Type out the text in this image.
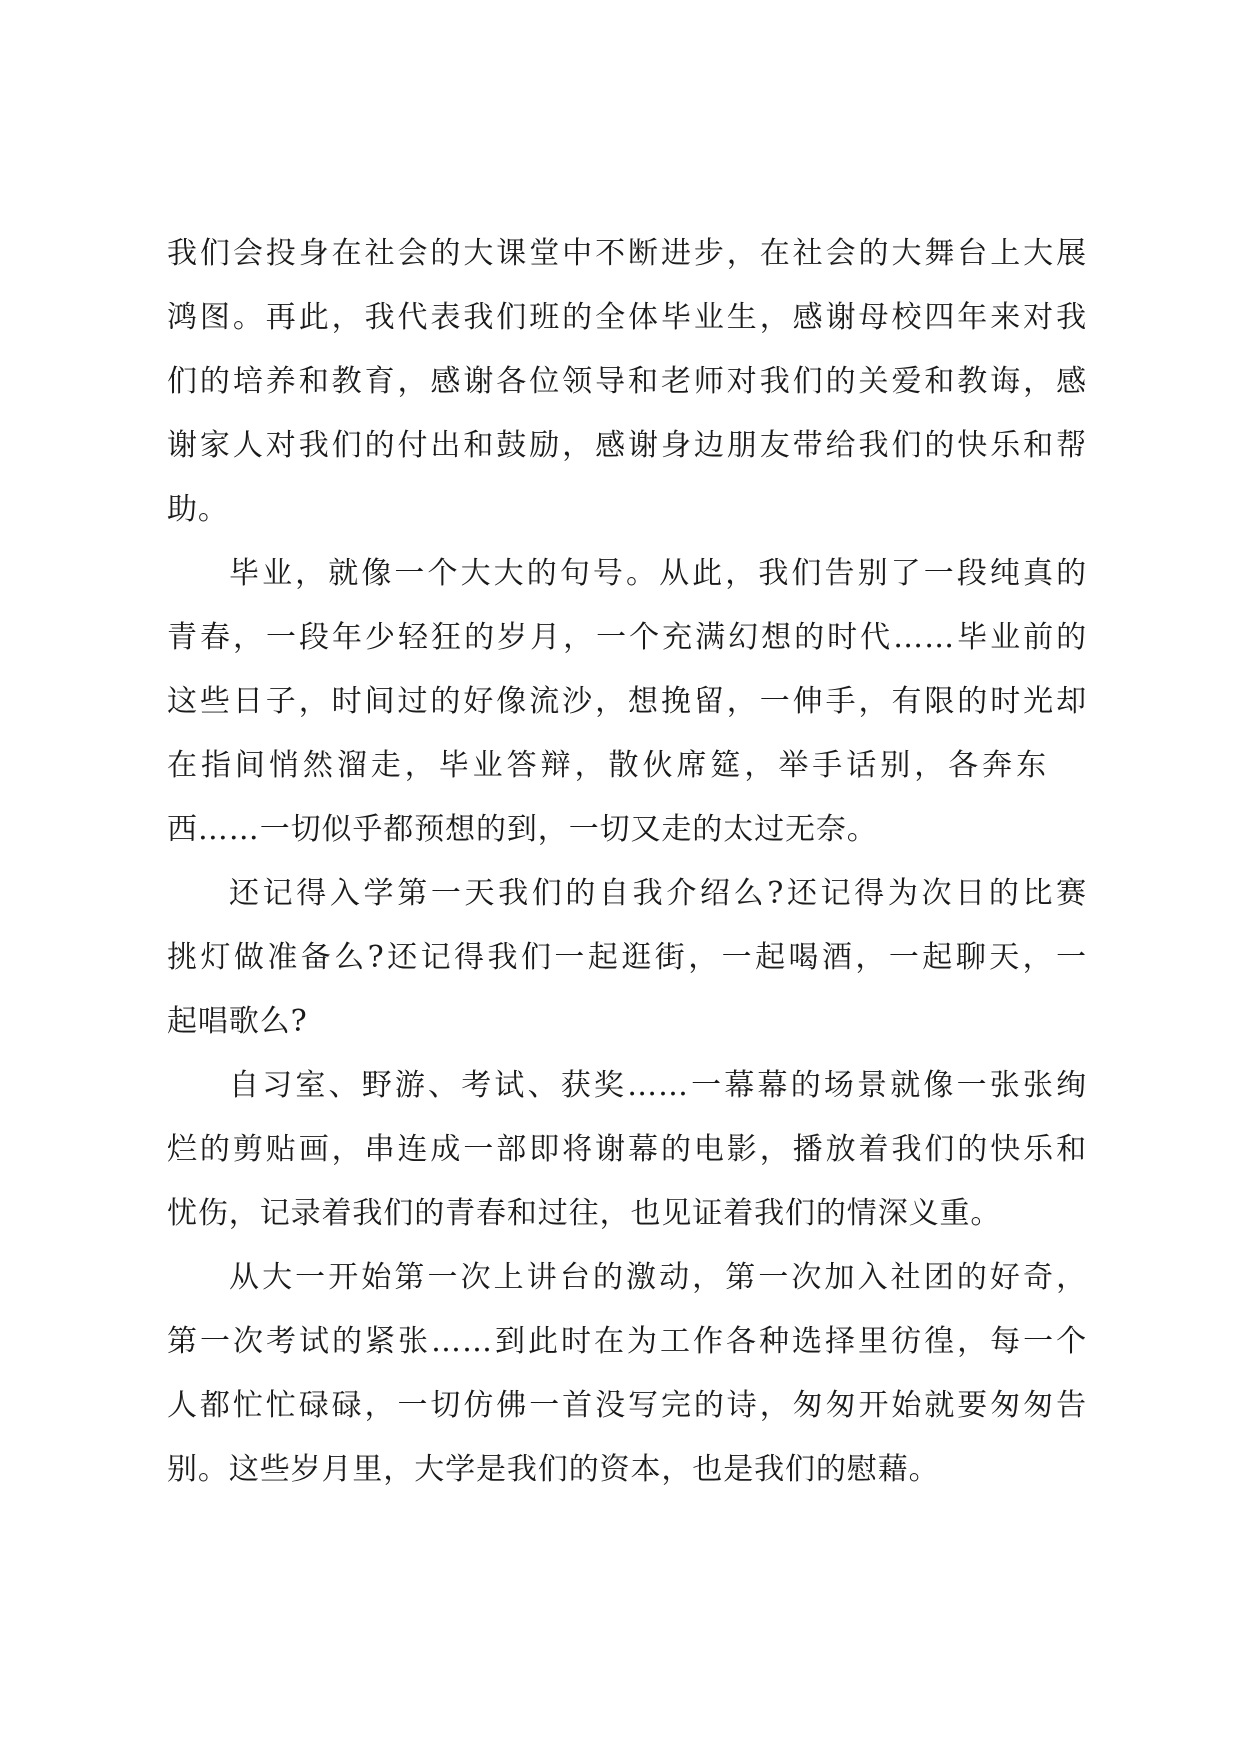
我们会投身在社会的大课堂中不断进步，在社会的大舞台上大展
鸿图。再此，我代表我们班的全体毕业生，感谢母校四年来对我
们的培养和教育，感谢各位领导和老师对我们的关爱和教诲，感
谢家人对我们的付出和鼓励，感谢身边朋友带给我们的快乐和帮
助。
毕业，就像一个大大的句号。从此，我们告别了一段纯真的
青春，一段年少轻狂的岁月，一个充满幻想的时代……毕业前的
这些日子，时间过的好像流沙，想挽留，一伸手，有限的时光却
在指间悄然溜走，毕业答辩，散伙席筵，举手话别，各奔东
西……一切似乎都预想的到，一切又走的太过无奈。
还记得入学第一天我们的自我介绍么?还记得为次日的比赛
挑灯做准备么?还记得我们一起逛街，一起喝酒，一起聊天，一
起唱歌么?
自习室、野游、考试、获奖……一幕幕的场景就像一张张绚
烂的剪贴画，串连成一部即将谢幕的电影，播放着我们的快乐和
忧伤，记录着我们的青春和过往，也见证着我们的情深义重。
从大一开始第一次上讲台的激动，第一次加入社团的好奇，
第一次考试的紧张……到此时在为工作各种选择里彷徨，每一个
人都忙忙碌碌，一切仿佛一首没写完的诗，匆匆开始就要匆匆告
别。这些岁月里，大学是我们的资本，也是我们的慰藉。
